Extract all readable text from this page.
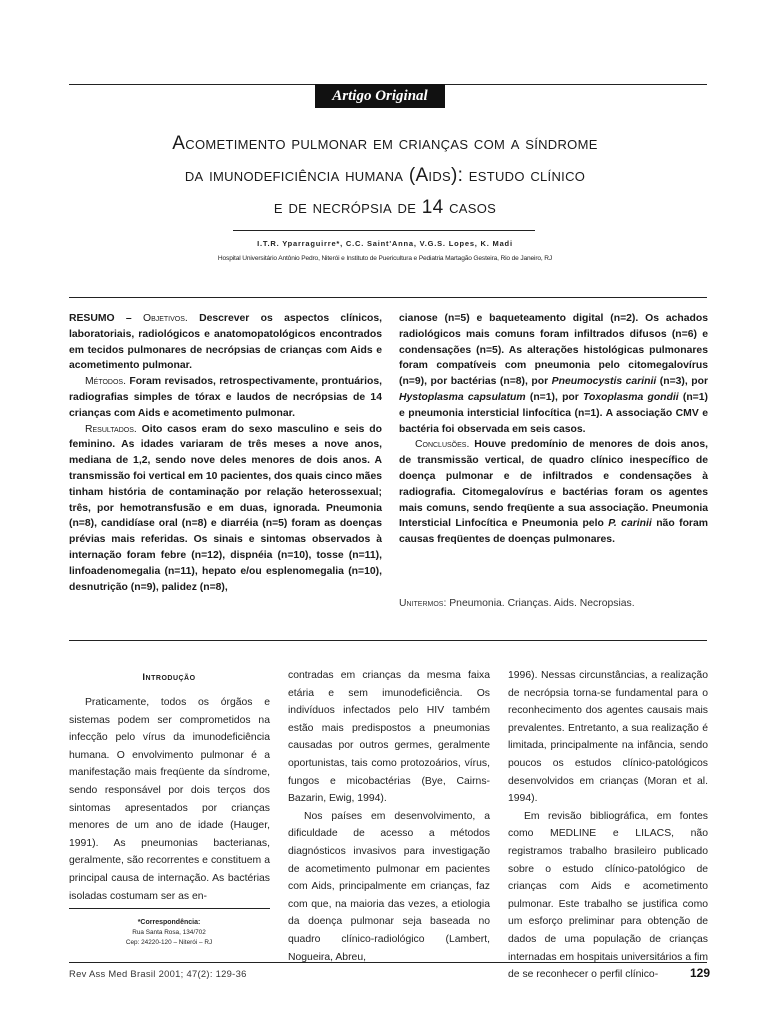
Artigo Original
Acometimento pulmonar em crianças com a síndrome
da imunodeficiência humana (Aids): estudo clínico
e de necrópsia de 14 casos
I.T.R. Yparraguirre*, C.C. Saint'Anna, V.G.S. Lopes, K. Madi
Hospital Universitário Antônio Pedro, Niterói e Instituto de Puericultura e Pediatria Martagão Gesteira, Rio de Janeiro, RJ

RESUMO – Objetivos. Descrever os aspectos clínicos, laboratoriais, radiológicos e anatomopatológicos encontrados em tecidos pulmonares de necrópsias de crianças com Aids e acometimento pulmonar.

Métodos. Foram revisados, retrospectivamente, prontuários, radiografias simples de tórax e laudos de necrópsias de 14 crianças com Aids e acometimento pulmonar.

Resultados. Oito casos eram do sexo masculino e seis do feminino. As idades variaram de três meses a nove anos, mediana de 1,2, sendo nove deles menores de dois anos. A transmissão foi vertical em 10 pacientes, dos quais cinco mães tinham história de contaminação por relação heterossexual; três, por hemotransfusão e em duas, ignorada. Pneumonia (n=8), candidíase oral (n=8) e diarréia (n=5) foram as doenças prévias mais referidas. Os sinais e sintomas observados à internação foram febre (n=12), dispnéia (n=10), tosse (n=11), linfoadenomegalia (n=11), hepato e/ou esplenomegalia (n=10), desnutrição (n=9), palidez (n=8),

cianose (n=5) e baqueteamento digital (n=2). Os achados radiológicos mais comuns foram infiltrados difusos (n=6) e condensações (n=5). As alterações histológicas pulmonares foram compatíveis com pneumonia pelo citomegalovírus (n=9), por bactérias (n=8), por Pneumocystis carinii (n=3), por Hystoplasma capsulatum (n=1), por Toxoplasma gondii (n=1) e pneumonia intersticial linfocítica (n=1). A associação CMV e bactéria foi observada em seis casos.

Conclusões. Houve predomínio de menores de dois anos, de transmissão vertical, de quadro clínico inespecífico de doença pulmonar e de infiltrados e condensações à radiografia. Citomegalovírus e bactérias foram os agentes mais comuns, sendo freqüente a sua associação. Pneumonia Intersticial Linfocítica e Pneumonia pelo P. carinii não foram causas freqüentes de doenças pulmonares.

Unitermos: Pneumonia. Crianças. Aids. Necropsias.
Introdução

Praticamente, todos os órgãos e sistemas podem ser comprometidos na infecção pelo vírus da imunodeficiência humana. O envolvimento pulmonar é a manifestação mais freqüente da síndrome, sendo responsável por dois terços dos sintomas apresentados por crianças menores de um ano de idade (Hauger, 1991). As pneumonias bacterianas, geralmente, são recorrentes e constituem a principal causa de internação. As bactérias isoladas costumam ser as en-

*Correspondência:
Rua Santa Rosa, 134/702
Cep: 24220-120 – Niterói – RJ

contradas em crianças da mesma faixa etária e sem imunodeficiência. Os indivíduos infectados pelo HIV também estão mais predispostos a pneumonias causadas por outros germes, geralmente oportunistas, tais como protozoários, vírus, fungos e micobactérias (Bye, Cairns-Bazarin, Ewig, 1994).

Nos países em desenvolvimento, a dificuldade de acesso a métodos diagnósticos invasivos para investigação de acometimento pulmonar em pacientes com Aids, principalmente em crianças, faz com que, na maioria das vezes, a etiologia da doença pulmonar seja baseada no quadro clínico-radiológico (Lambert, Nogueira, Abreu,

1996). Nessas circunstâncias, a realização de necrópsia torna-se fundamental para o reconhecimento dos agentes causais mais prevalentes. Entretanto, a sua realização é limitada, principalmente na infância, sendo poucos os estudos clínico-patológicos desenvolvidos em crianças (Moran et al. 1994).

Em revisão bibliográfica, em fontes como MEDLINE e LILACS, não registramos trabalho brasileiro publicado sobre o estudo clínico-patológico de crianças com Aids e acometimento pulmonar. Este trabalho se justifica como um esforço preliminar para obtenção de dados de uma população de crianças internadas em hospitais universitários a fim de se reconhecer o perfil clínico-

Rev Ass Med Brasil 2001; 47(2): 129-36	129
